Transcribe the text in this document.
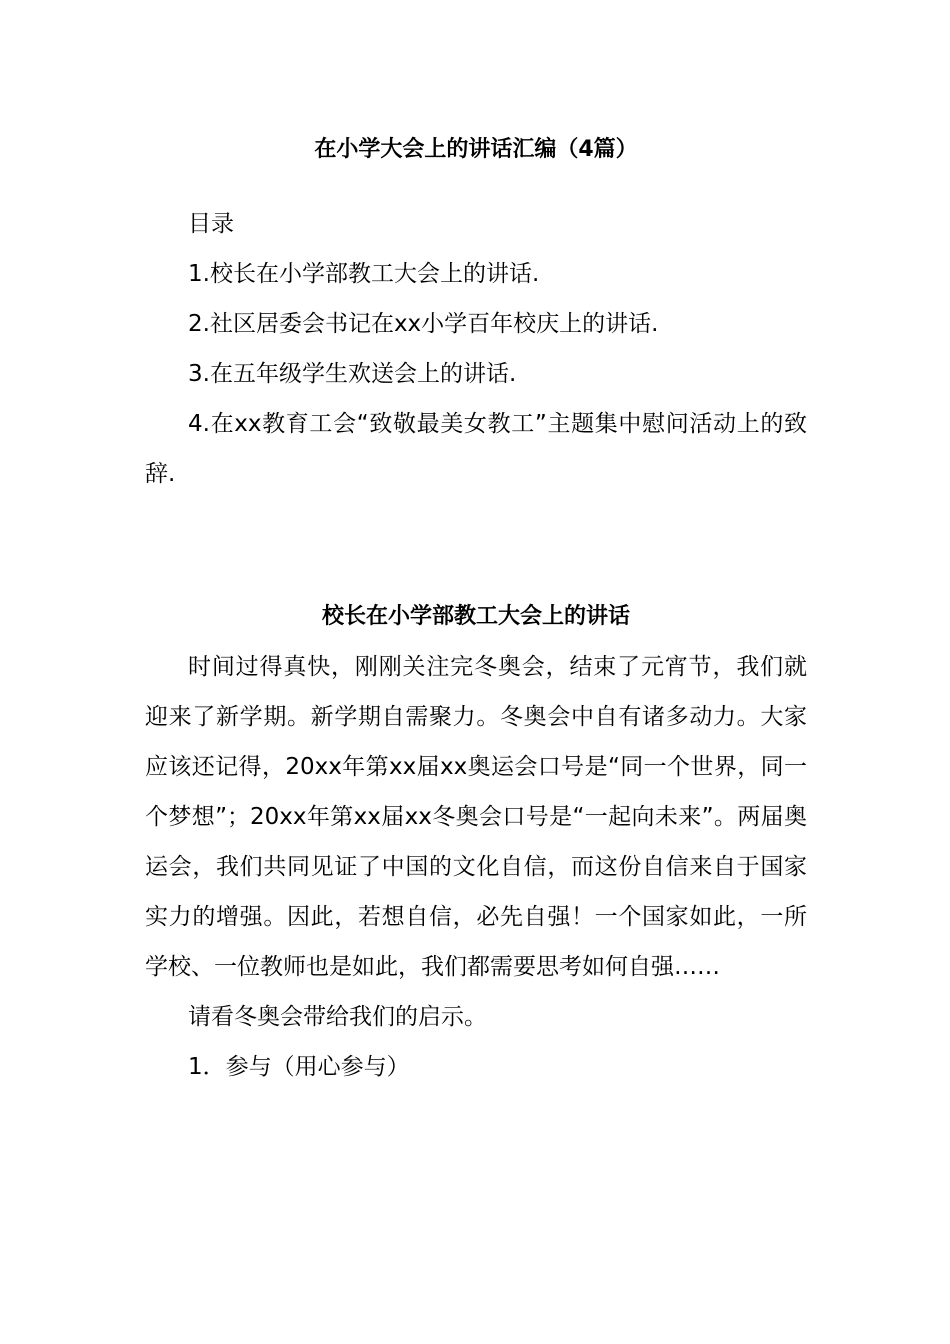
在小学大会上的讲话汇编（4篇）

目录

1.校长在小学部教工大会上的讲话.

2.社区居委会书记在xx小学百年校庆上的讲话.

3.在五年级学生欢送会上的讲话.

4.在xx教育工会“致敬最美女教工”主题集中慰问活动上的致辞.

校长在小学部教工大会上的讲话

时间过得真快，刚刚关注完冬奥会，结束了元宵节，我们就迎来了新学期。新学期自需聚力。冬奥会中自有诸多动力。大家应该还记得，20xx年第xx届xx奥运会口号是“同一个世界，同一个梦想”；20xx年第xx届xx冬奥会口号是“一起向未来”。两届奥运会，我们共同见证了中国的文化自信，而这份自信来自于国家实力的增强。因此，若想自信，必先自强！一个国家如此，一所学校、一位教师也是如此，我们都需要思考如何自强……

请看冬奥会带给我们的启示。

1．参与（用心参与）
